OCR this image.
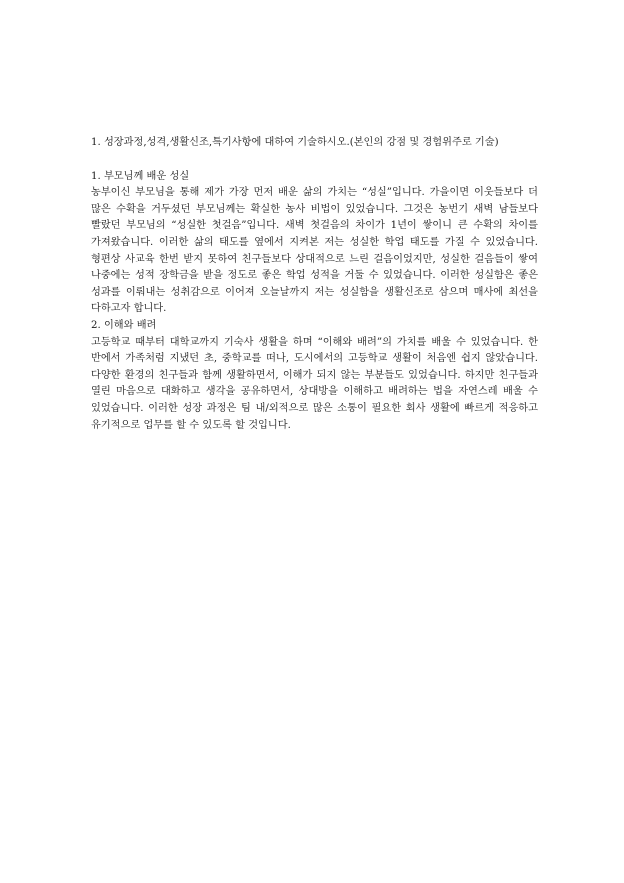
1. 성장과정,성격,생활신조,특기사항에 대하여 기술하시오.(본인의 강점 및 경험위주로 기술)

1. 부모님께 배운 성실

농부이신 부모님을 통해 제가 가장 먼저 배운 삶의 가치는 “성실”입니다. 가을이면 이웃들보다 더 많은 수확을 거두셨던 부모님께는 확실한 농사 비법이 있었습니다. 그것은 농번기 새벽 남들보다 빨랐던 부모님의 “성실한 첫걸음”입니다. 새벽 첫걸음의 차이가 1년이 쌓이니 큰 수확의 차이를 가져왔습니다. 이러한 삶의 태도를 옆에서 지켜본 저는 성실한 학업 태도를 가질 수 있었습니다. 형편상 사교육 한번 받지 못하여 친구들보다 상대적으로 느린 걸음이었지만, 성실한 걸음들이 쌓여 나중에는 성적 장학금을 받을 정도로 좋은 학업 성적을 거둘 수 있었습니다. 이러한 성실함은 좋은 성과를 이뤄내는 성취감으로 이어져 오늘날까지 저는 성실함을 생활신조로 삼으며 매사에 최선을 다하고자 합니다.

2. 이해와 배려

고등학교 때부터 대학교까지 기숙사 생활을 하며 “이해와 배려”의 가치를 배울 수 있었습니다. 한 반에서 가족처럼 지냈던 초, 중학교를 떠나, 도시에서의 고등학교 생활이 처음엔 쉽지 않았습니다. 다양한 환경의 친구들과 함께 생활하면서, 이해가 되지 않는 부분들도 있었습니다. 하지만 친구들과 열린 마음으로 대화하고 생각을 공유하면서, 상대방을 이해하고 배려하는 법을 자연스레 배울 수 있었습니다. 이러한 성장 과정은 팀 내/외적으로 많은 소통이 필요한 회사 생활에 빠르게 적응하고 유기적으로 업무를 할 수 있도록 할 것입니다.
